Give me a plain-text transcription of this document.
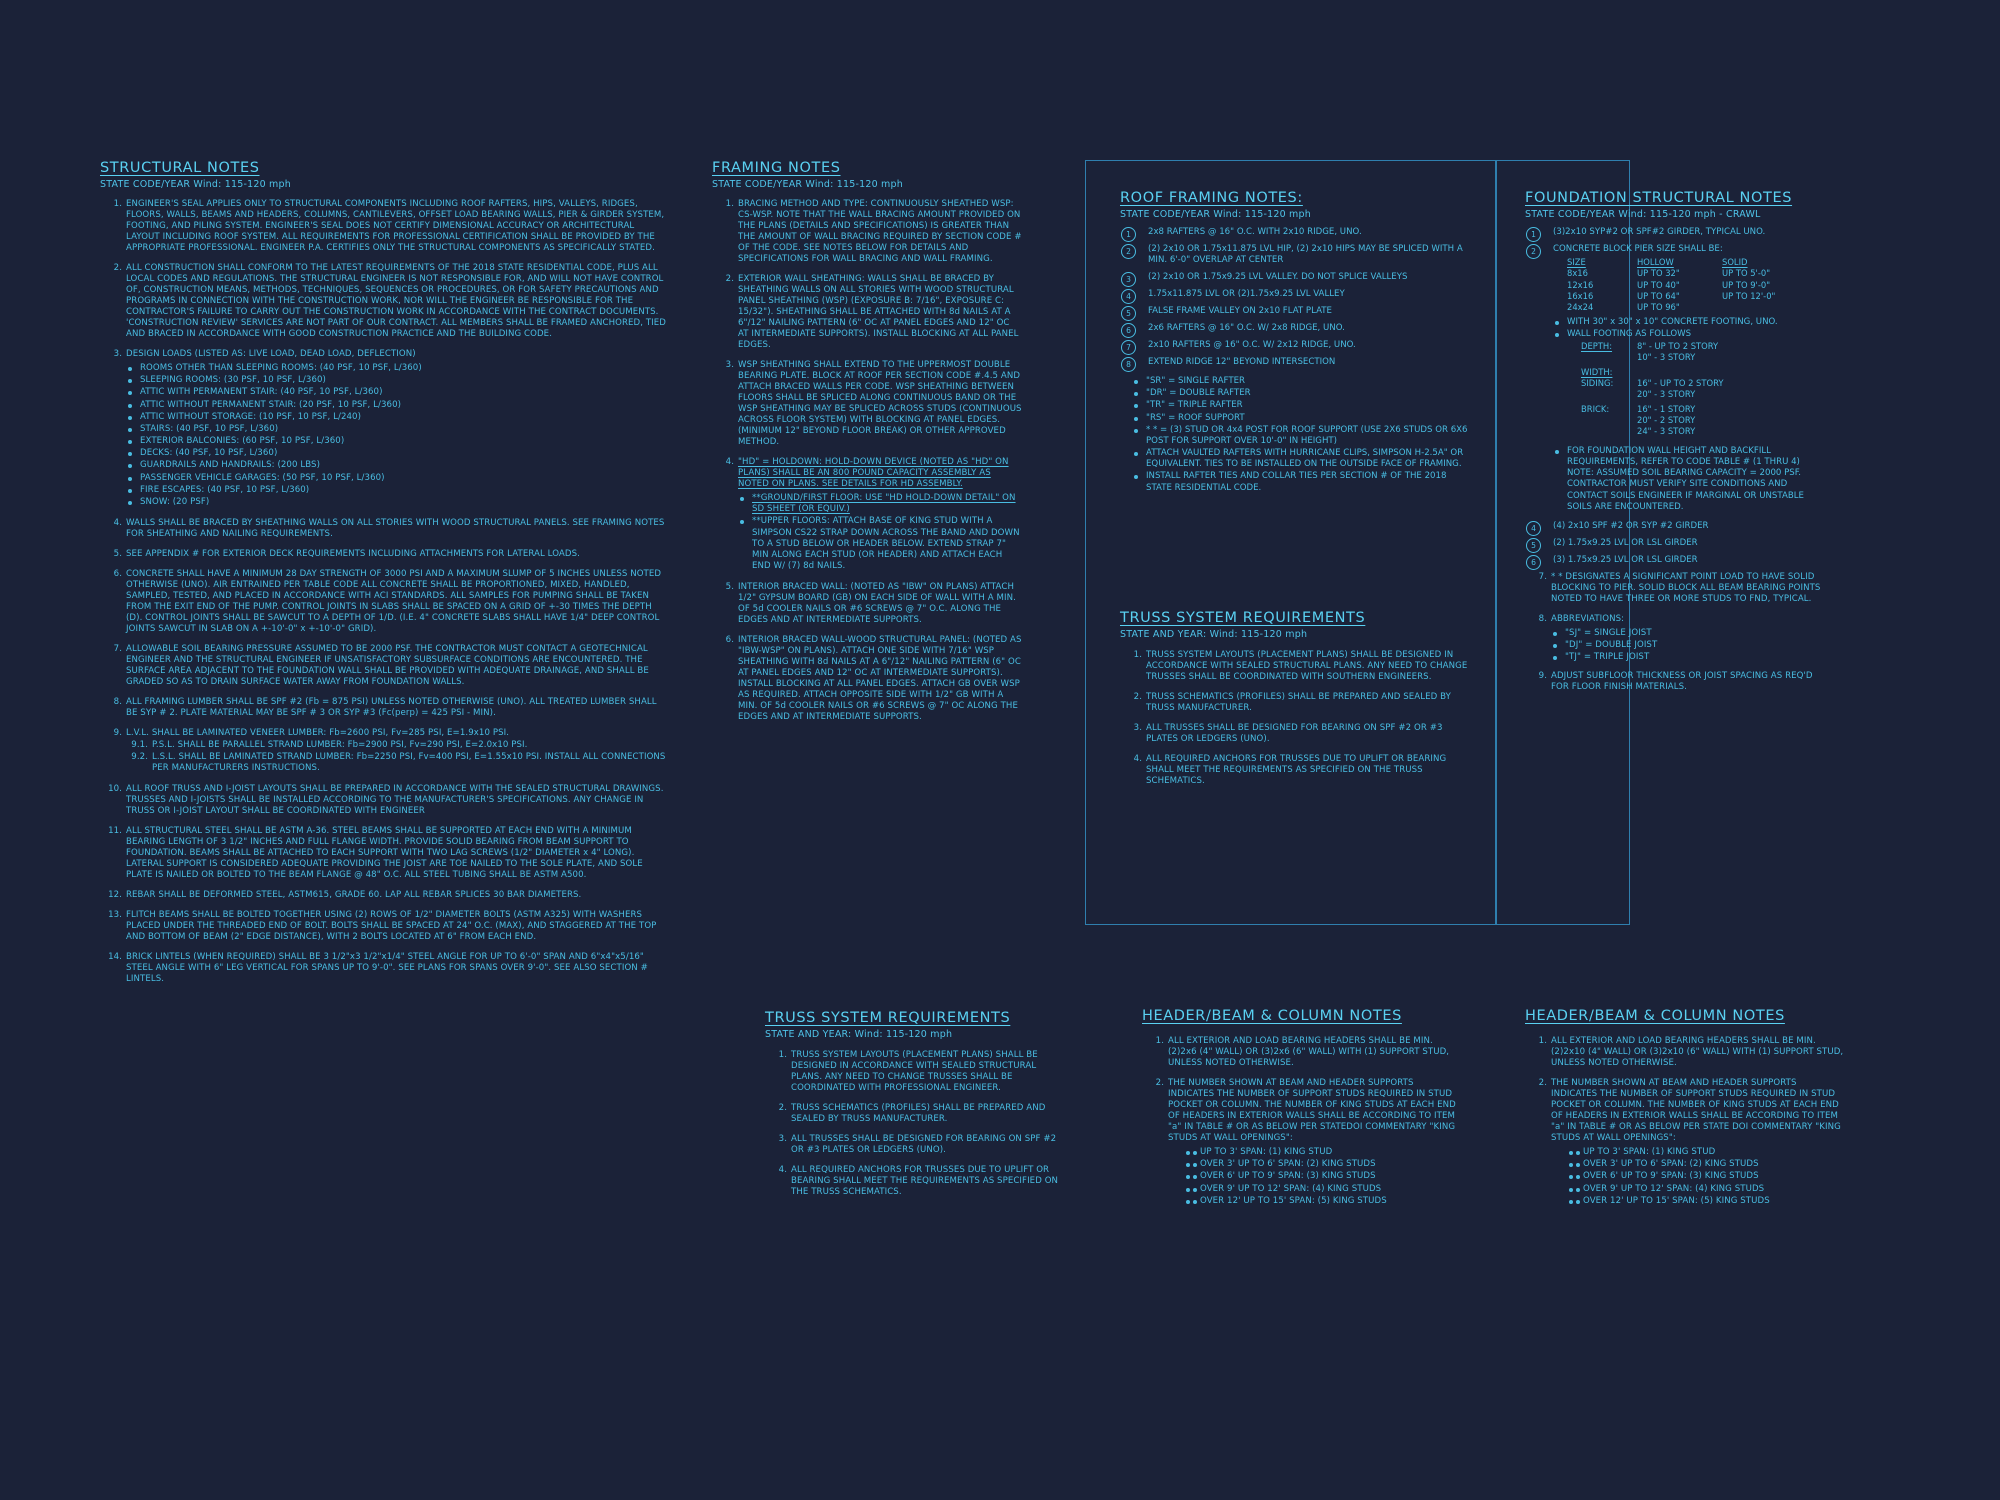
STRUCTURAL NOTES

STATE CODE/YEAR Wind: 115-120 mph

1. ENGINEER'S SEAL APPLIES ONLY TO STRUCTURAL COMPONENTS INCLUDING ROOF RAFTERS, HIPS, VALLEYS, RIDGES, FLOORS, WALLS, BEAMS AND HEADERS, COLUMNS, CANTILEVERS, OFFSET LOAD BEARING WALLS, PIER & GIRDER SYSTEM, FOOTING, AND PILING SYSTEM. ENGINEER'S SEAL DOES NOT CERTIFY DIMENSIONAL ACCURACY OR ARCHITECTURAL LAYOUT INCLUDING ROOF SYSTEM. ALL REQUIREMENTS FOR PROFESSIONAL CERTIFICATION SHALL BE PROVIDED BY THE APPROPRIATE PROFESSIONAL. ENGINEER P.A. CERTIFIES ONLY THE STRUCTURAL COMPONENTS AS SPECIFICALLY STATED.
2. ALL CONSTRUCTION SHALL CONFORM TO THE LATEST REQUIREMENTS OF THE 2018 STATE RESIDENTIAL CODE, PLUS ALL LOCAL CODES AND REGULATIONS. THE STRUCTURAL ENGINEER IS NOT RESPONSIBLE FOR, AND WILL NOT HAVE CONTROL OF, CONSTRUCTION MEANS, METHODS, TECHNIQUES, SEQUENCES OR PROCEDURES, OR FOR SAFETY PRECAUTIONS AND PROGRAMS IN CONNECTION WITH THE CONSTRUCTION WORK, NOR WILL THE ENGINEER BE RESPONSIBLE FOR THE CONTRACTOR'S FAILURE TO CARRY OUT THE CONSTRUCTION WORK IN ACCORDANCE WITH THE CONTRACT DOCUMENTS. 'CONSTRUCTION REVIEW' SERVICES ARE NOT PART OF OUR CONTRACT. ALL MEMBERS SHALL BE FRAMED ANCHORED, TIED AND BRACED IN ACCORDANCE WITH GOOD CONSTRUCTION PRACTICE AND THE BUILDING CODE.
3. DESIGN LOADS (LISTED AS: LIVE LOAD, DEAD LOAD, DEFLECTION)
ROOMS OTHER THAN SLEEPING ROOMS: (40 PSF, 10 PSF, L/360)
SLEEPING ROOMS: (30 PSF, 10 PSF, L/360)
ATTIC WITH PERMANENT STAIR: (40 PSF, 10 PSF, L/360)
ATTIC WITHOUT PERMANENT STAIR: (20 PSF, 10 PSF, L/360)
ATTIC WITHOUT STORAGE: (10 PSF, 10 PSF, L/240)
STAIRS: (40 PSF, 10 PSF, L/360)
EXTERIOR BALCONIES: (60 PSF, 10 PSF, L/360)
DECKS: (40 PSF, 10 PSF, L/360)
GUARDRAILS AND HANDRAILS: (200 LBS)
PASSENGER VEHICLE GARAGES: (50 PSF, 10 PSF, L/360)
FIRE ESCAPES: (40 PSF, 10 PSF, L/360)
SNOW: (20 PSF)
4. WALLS SHALL BE BRACED BY SHEATHING WALLS ON ALL STORIES WITH WOOD STRUCTURAL PANELS. SEE FRAMING NOTES FOR SHEATHING AND NAILING REQUIREMENTS.
5. SEE APPENDIX # FOR EXTERIOR DECK REQUIREMENTS INCLUDING ATTACHMENTS FOR LATERAL LOADS.
6. CONCRETE SHALL HAVE A MINIMUM 28 DAY STRENGTH OF 3000 PSI AND A MAXIMUM SLUMP OF 5 INCHES UNLESS NOTED OTHERWISE (UNO). AIR ENTRAINED PER TABLE CODE ALL CONCRETE SHALL BE PROPORTIONED, MIXED, HANDLED, SAMPLED, TESTED, AND PLACED IN ACCORDANCE WITH ACI STANDARDS. ALL SAMPLES FOR PUMPING SHALL BE TAKEN FROM THE EXIT END OF THE PUMP. CONTROL JOINTS IN SLABS SHALL BE SPACED ON A GRID OF +-30 TIMES THE DEPTH (D). CONTROL JOINTS SHALL BE SAWCUT TO A DEPTH OF 1/D. (I.E. 4" CONCRETE SLABS SHALL HAVE 1/4" DEEP CONTROL JOINTS SAWCUT IN SLAB ON A +-10'-0" x +-10'-0" GRID).
7. ALLOWABLE SOIL BEARING PRESSURE ASSUMED TO BE 2000 PSF. THE CONTRACTOR MUST CONTACT A GEOTECHNICAL ENGINEER AND THE STRUCTURAL ENGINEER IF UNSATISFACTORY SUBSURFACE CONDITIONS ARE ENCOUNTERED. THE SURFACE AREA ADJACENT TO THE FOUNDATION WALL SHALL BE PROVIDED WITH ADEQUATE DRAINAGE, AND SHALL BE GRADED SO AS TO DRAIN SURFACE WATER AWAY FROM FOUNDATION WALLS.
8. ALL FRAMING LUMBER SHALL BE SPF #2 (Fb = 875 PSI) UNLESS NOTED OTHERWISE (UNO). ALL TREATED LUMBER SHALL BE SYP # 2. PLATE MATERIAL MAY BE SPF # 3 OR SYP #3 (Fc(perp) = 425 PSI - MIN).
9. L.V.L. SHALL BE LAMINATED VENEER LUMBER: Fb=2600 PSI, Fv=285 PSI, E=1.9x10 PSI.
9.1. P.S.L. SHALL BE PARALLEL STRAND LUMBER: Fb=2900 PSI, Fv=290 PSI, E=2.0x10 PSI.
9.2. L.S.L. SHALL BE LAMINATED STRAND LUMBER: Fb=2250 PSI, Fv=400 PSI, E=1.55x10 PSI. INSTALL ALL CONNECTIONS PER MANUFACTURERS INSTRUCTIONS.
10. ALL ROOF TRUSS AND I-JOIST LAYOUTS SHALL BE PREPARED IN ACCORDANCE WITH THE SEALED STRUCTURAL DRAWINGS. TRUSSES AND I-JOISTS SHALL BE INSTALLED ACCORDING TO THE MANUFACTURER'S SPECIFICATIONS. ANY CHANGE IN TRUSS OR I-JOIST LAYOUT SHALL BE COORDINATED WITH ENGINEER
11. ALL STRUCTURAL STEEL SHALL BE ASTM A-36. STEEL BEAMS SHALL BE SUPPORTED AT EACH END WITH A MINIMUM BEARING LENGTH OF 3 1/2" INCHES AND FULL FLANGE WIDTH. PROVIDE SOLID BEARING FROM BEAM SUPPORT TO FOUNDATION. BEAMS SHALL BE ATTACHED TO EACH SUPPORT WITH TWO LAG SCREWS (1/2" DIAMETER x 4" LONG). LATERAL SUPPORT IS CONSIDERED ADEQUATE PROVIDING THE JOIST ARE TOE NAILED TO THE SOLE PLATE, AND SOLE PLATE IS NAILED OR BOLTED TO THE BEAM FLANGE @ 48" O.C. ALL STEEL TUBING SHALL BE ASTM A500.
12. REBAR SHALL BE DEFORMED STEEL, ASTM615, GRADE 60. LAP ALL REBAR SPLICES 30 BAR DIAMETERS.
13. FLITCH BEAMS SHALL BE BOLTED TOGETHER USING (2) ROWS OF 1/2" DIAMETER BOLTS (ASTM A325) WITH WASHERS PLACED UNDER THE THREADED END OF BOLT. BOLTS SHALL BE SPACED AT 24" O.C. (MAX), AND STAGGERED AT THE TOP AND BOTTOM OF BEAM (2" EDGE DISTANCE), WITH 2 BOLTS LOCATED AT 6" FROM EACH END.
14. BRICK LINTELS (WHEN REQUIRED) SHALL BE 3 1/2"x3 1/2"x1/4" STEEL ANGLE FOR UP TO 6'-0" SPAN AND 6"x4"x5/16" STEEL ANGLE WITH 6" LEG VERTICAL FOR SPANS UP TO 9'-0". SEE PLANS FOR SPANS OVER 9'-0". SEE ALSO SECTION # LINTELS.
FRAMING NOTES

STATE CODE/YEAR Wind: 115-120 mph

1. BRACING METHOD AND TYPE: CONTINUOUSLY SHEATHED WSP: CS-WSP. NOTE THAT THE WALL BRACING AMOUNT PROVIDED ON THE PLANS (DETAILS AND SPECIFICATIONS) IS GREATER THAN THE AMOUNT OF WALL BRACING REQUIRED BY SECTION CODE # OF THE CODE. SEE NOTES BELOW FOR DETAILS AND SPECIFICATIONS FOR WALL BRACING AND WALL FRAMING.
2. EXTERIOR WALL SHEATHING: WALLS SHALL BE BRACED BY SHEATHING WALLS ON ALL STORIES WITH WOOD STRUCTURAL PANEL SHEATHING (WSP) (EXPOSURE B: 7/16", EXPOSURE C: 15/32"). SHEATHING SHALL BE ATTACHED WITH 8d NAILS AT A 6"/12" NAILING PATTERN (6" OC AT PANEL EDGES AND 12" OC AT INTERMEDIATE SUPPORTS). INSTALL BLOCKING AT ALL PANEL EDGES.
3. WSP SHEATHING SHALL EXTEND TO THE UPPERMOST DOUBLE BEARING PLATE. BLOCK AT ROOF PER SECTION CODE #.4.5 AND ATTACH BRACED WALLS PER CODE. WSP SHEATHING BETWEEN FLOORS SHALL BE SPLICED ALONG CONTINUOUS BAND OR THE WSP SHEATHING MAY BE SPLICED ACROSS STUDS (CONTINUOUS ACROSS FLOOR SYSTEM) WITH BLOCKING AT PANEL EDGES. (MINIMUM 12" BEYOND FLOOR BREAK) OR OTHER APPROVED METHOD.
4. "HD" = HOLDOWN: HOLD-DOWN DEVICE (NOTED AS "HD" ON PLANS) SHALL BE AN 800 POUND CAPACITY ASSEMBLY AS NOTED ON PLANS. SEE DETAILS FOR HD ASSEMBLY.
**GROUND/FIRST FLOOR: USE "HD HOLD-DOWN DETAIL" ON SD SHEET (OR EQUIV.)
**UPPER FLOORS: ATTACH BASE OF KING STUD WITH A SIMPSON CS22 STRAP DOWN ACROSS THE BAND AND DOWN TO A STUD BELOW OR HEADER BELOW. EXTEND STRAP 7" MIN ALONG EACH STUD (OR HEADER) AND ATTACH EACH END W/ (7) 8d NAILS.
5. INTERIOR BRACED WALL: (NOTED AS "IBW" ON PLANS) ATTACH 1/2" GYPSUM BOARD (GB) ON EACH SIDE OF WALL WITH A MIN. OF 5d COOLER NAILS OR #6 SCREWS @ 7" O.C. ALONG THE EDGES AND AT INTERMEDIATE SUPPORTS.
6. INTERIOR BRACED WALL-WOOD STRUCTURAL PANEL: (NOTED AS "IBW-WSP" ON PLANS). ATTACH ONE SIDE WITH 7/16" WSP SHEATHING WITH 8d NAILS AT A 6"/12" NAILING PATTERN (6" OC AT PANEL EDGES AND 12" OC AT INTERMEDIATE SUPPORTS). INSTALL BLOCKING AT ALL PANEL EDGES. ATTACH GB OVER WSP AS REQUIRED. ATTACH OPPOSITE SIDE WITH 1/2" GB WITH A MIN. OF 5d COOLER NAILS OR #6 SCREWS @ 7" OC ALONG THE EDGES AND AT INTERMEDIATE SUPPORTS.
ROOF FRAMING NOTES:

STATE CODE/YEAR Wind: 115-120 mph

1	2x8 RAFTERS @ 16" O.C. WITH 2x10 RIDGE, UNO.
2	(2) 2x10 OR 1.75x11.875 LVL HIP, (2) 2x10 HIPS MAY BE SPLICED WITH A MIN. 6'-0" OVERLAP AT CENTER
3	(2) 2x10 OR 1.75x9.25 LVL VALLEY. DO NOT SPLICE VALLEYS
4	1.75x11.875 LVL OR (2)1.75x9.25 LVL VALLEY
5	FALSE FRAME VALLEY ON 2x10 FLAT PLATE
6	2x6 RAFTERS @ 16" O.C. W/ 2x8 RIDGE, UNO.
7	2x10 RAFTERS @ 16" O.C. W/ 2x12 RIDGE, UNO.
8	EXTEND RIDGE 12" BEYOND INTERSECTION
"SR" = SINGLE RAFTER
"DR" = DOUBLE RAFTER
"TR" = TRIPLE RAFTER
"RS" = ROOF SUPPORT
* * = (3) STUD OR 4x4 POST FOR ROOF SUPPORT (USE 2X6 STUDS OR 6X6 POST FOR SUPPORT OVER 10'-0" IN HEIGHT)
ATTACH VAULTED RAFTERS WITH HURRICANE CLIPS, SIMPSON H-2.5A" OR EQUIVALENT. TIES TO BE INSTALLED ON THE OUTSIDE FACE OF FRAMING.
INSTALL RAFTER TIES AND COLLAR TIES PER SECTION # OF THE 2018 STATE RESIDENTIAL CODE.
TRUSS SYSTEM REQUIREMENTS

STATE AND YEAR: Wind: 115-120 mph

1. TRUSS SYSTEM LAYOUTS (PLACEMENT PLANS) SHALL BE DESIGNED IN ACCORDANCE WITH SEALED STRUCTURAL PLANS. ANY NEED TO CHANGE TRUSSES SHALL BE COORDINATED WITH SOUTHERN ENGINEERS.
2. TRUSS SCHEMATICS (PROFILES) SHALL BE PREPARED AND SEALED BY TRUSS MANUFACTURER.
3. ALL TRUSSES SHALL BE DESIGNED FOR BEARING ON SPF #2 OR #3 PLATES OR LEDGERS (UNO).
4. ALL REQUIRED ANCHORS FOR TRUSSES DUE TO UPLIFT OR BEARING SHALL MEET THE REQUIREMENTS AS SPECIFIED ON THE TRUSS SCHEMATICS.
FOUNDATION STRUCTURAL NOTES

STATE CODE/YEAR Wind: 115-120 mph - CRAWL

1	(3)2x10 SYP#2 OR SPF#2 GIRDER, TYPICAL UNO.
2	CONCRETE BLOCK PIER SIZE SHALL BE:
SIZE	HOLLOW	SOLID
8x16	UP TO 32"	UP TO 5'-0"
12x16	UP TO 40"	UP TO 9'-0"
16x16	UP TO 64"	UP TO 12'-0"
24x24	UP TO 96"
WITH 30" x 30" x 10" CONCRETE FOOTING, UNO.
WALL FOOTING AS FOLLOWS
DEPTH:	8" - UP TO 2 STORY
10" - 3 STORY
WIDTH:
SIDING:	16" - UP TO 2 STORY
20" - 3 STORY
BRICK:	16" - 1 STORY
20" - 2 STORY
24" - 3 STORY
FOR FOUNDATION WALL HEIGHT AND BACKFILL REQUIREMENTS, REFER TO CODE TABLE # (1 THRU 4) NOTE: ASSUMED SOIL BEARING CAPACITY = 2000 PSF. CONTRACTOR MUST VERIFY SITE CONDITIONS AND CONTACT SOILS ENGINEER IF MARGINAL OR UNSTABLE SOILS ARE ENCOUNTERED.
4	(4) 2x10 SPF #2 OR SYP #2 GIRDER
5	(2) 1.75x9.25 LVL OR LSL GIRDER
6	(3) 1.75x9.25 LVL OR LSL GIRDER
7. * * DESIGNATES A SIGNIFICANT POINT LOAD TO HAVE SOLID BLOCKING TO PIER. SOLID BLOCK ALL BEAM BEARING POINTS NOTED TO HAVE THREE OR MORE STUDS TO FND, TYPICAL.
8. ABBREVIATIONS:
"SJ" = SINGLE JOIST
"DJ" = DOUBLE JOIST
"TJ" = TRIPLE JOIST
9. ADJUST SUBFLOOR THICKNESS OR JOIST SPACING AS REQ'D FOR FLOOR FINISH MATERIALS.
TRUSS SYSTEM REQUIREMENTS

STATE AND YEAR: Wind: 115-120 mph

1. TRUSS SYSTEM LAYOUTS (PLACEMENT PLANS) SHALL BE DESIGNED IN ACCORDANCE WITH SEALED STRUCTURAL PLANS. ANY NEED TO CHANGE TRUSSES SHALL BE COORDINATED WITH PROFESSIONAL ENGINEER.
2. TRUSS SCHEMATICS (PROFILES) SHALL BE PREPARED AND SEALED BY TRUSS MANUFACTURER.
3. ALL TRUSSES SHALL BE DESIGNED FOR BEARING ON SPF #2 OR #3 PLATES OR LEDGERS (UNO).
4. ALL REQUIRED ANCHORS FOR TRUSSES DUE TO UPLIFT OR BEARING SHALL MEET THE REQUIREMENTS AS SPECIFIED ON THE TRUSS SCHEMATICS.
HEADER/BEAM & COLUMN NOTES
1. ALL EXTERIOR AND LOAD BEARING HEADERS SHALL BE MIN. (2)2x6 (4" WALL) OR (3)2x6 (6" WALL) WITH (1) SUPPORT STUD, UNLESS NOTED OTHERWISE.
2. THE NUMBER SHOWN AT BEAM AND HEADER SUPPORTS INDICATES THE NUMBER OF SUPPORT STUDS REQUIRED IN STUD POCKET OR COLUMN. THE NUMBER OF KING STUDS AT EACH END OF HEADERS IN EXTERIOR WALLS SHALL BE ACCORDING TO ITEM "a" IN TABLE # OR AS BELOW PER STATEDOI COMMENTARY "KING STUDS AT WALL OPENINGS":
UP TO 3' SPAN: (1) KING STUD
OVER 3' UP TO 6' SPAN: (2) KING STUDS
OVER 6' UP TO 9' SPAN: (3) KING STUDS
OVER 9' UP TO 12' SPAN: (4) KING STUDS
OVER 12' UP TO 15' SPAN: (5) KING STUDS
HEADER/BEAM & COLUMN NOTES
1. ALL EXTERIOR AND LOAD BEARING HEADERS SHALL BE MIN. (2)2x10 (4" WALL) OR (3)2x10 (6" WALL) WITH (1) SUPPORT STUD, UNLESS NOTED OTHERWISE.
2. THE NUMBER SHOWN AT BEAM AND HEADER SUPPORTS INDICATES THE NUMBER OF SUPPORT STUDS REQUIRED IN STUD POCKET OR COLUMN. THE NUMBER OF KING STUDS AT EACH END OF HEADERS IN EXTERIOR WALLS SHALL BE ACCORDING TO ITEM "a" IN TABLE # OR AS BELOW PER STATE DOI COMMENTARY "KING STUDS AT WALL OPENINGS":
UP TO 3' SPAN: (1) KING STUD
OVER 3' UP TO 6' SPAN: (2) KING STUDS
OVER 6' UP TO 9' SPAN: (3) KING STUDS
OVER 9' UP TO 12' SPAN: (4) KING STUDS
OVER 12' UP TO 15' SPAN: (5) KING STUDS
